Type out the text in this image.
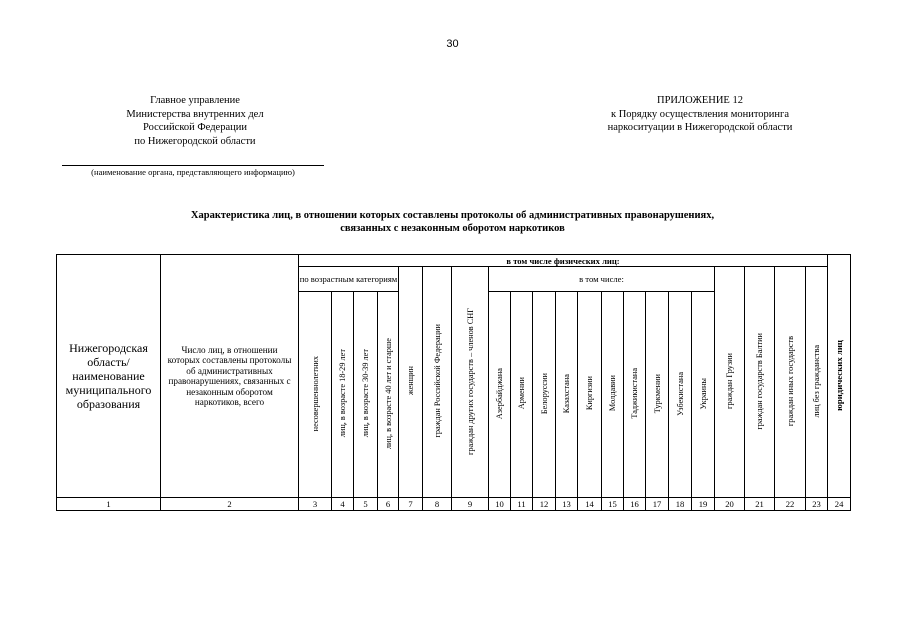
30
Главное управление
Министерства внутренних дел
Российской Федерации
по Нижегородской области
(наименование органа, представляющего информацию)
ПРИЛОЖЕНИЕ 12
к Порядку осуществления мониторинга
наркоситуации в Нижегородской области
Характеристика лиц, в отношении которых составлены протоколы об административных правонарушениях,
связанных с незаконным оборотом наркотиков
Нижегородская область/ наименование муниципального образования	Число лиц, в отношении которых составлены протоколы об административных правонарушениях, связанных с незаконным оборотом наркотиков, всего	в том числе физических лиц:																					юридических лиц
		по возрастным категориям				женщин	граждан Российской Федерации	граждан других государств – членов СНГ	в том числе:										граждан Грузии	граждан государств Балтии	граждан иных государств	лиц без гражданства	
		несовершеннолетних	лиц, в возрасте 18-29 лет	лиц, в возрасте 30-39 лет	лиц, в возрасте 40 лет и старше				Азербайджана	Армении	Белоруссии	Казахстана	Киргизии	Молдавии	Таджикистана	Туркмении	Узбекистана	Украины					
1	2	3	4	5	6	7	8	9	10	11	12	13	14	15	16	17	18	19	20	21	22	23	24
